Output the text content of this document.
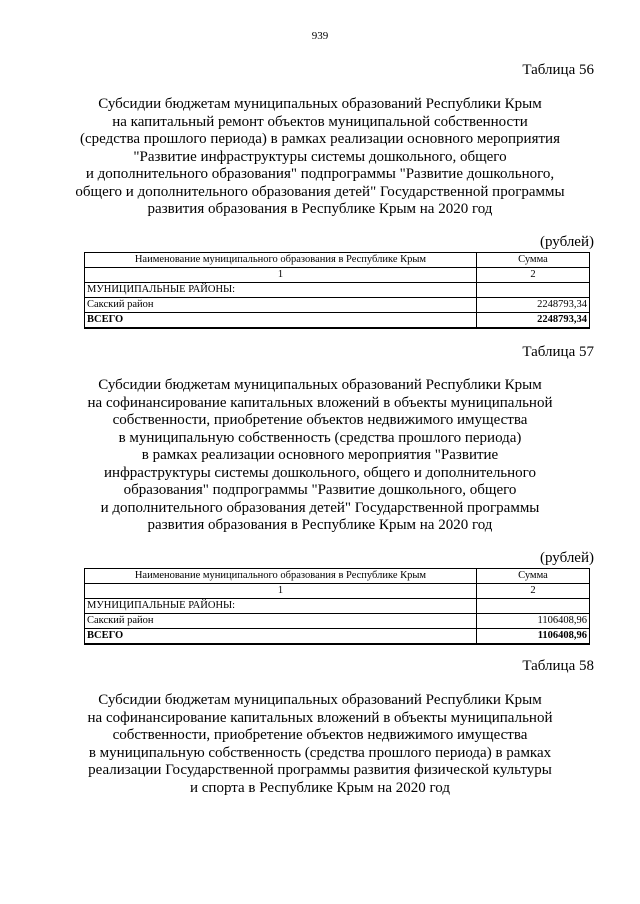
939
Таблица 56
Субсидии бюджетам муниципальных образований Республики Крым
на капитальный ремонт объектов муниципальной собственности
(средства прошлого периода) в рамках реализации основного мероприятия
"Развитие инфраструктуры системы дошкольного, общего
и дополнительного образования" подпрограммы "Развитие дошкольного,
общего и дополнительного образования детей" Государственной программы
развития образования в Республике Крым на 2020 год
(рублей)
Наименование муниципального образования в Республике Крым	Сумма
1	2
МУНИЦИПАЛЬНЫЕ РАЙОНЫ:	
Сакский район	2248793,34
ВСЕГО	2248793,34
Таблица 57
Субсидии бюджетам муниципальных образований Республики Крым
на софинансирование капитальных вложений в объекты муниципальной
собственности, приобретение объектов недвижимого имущества
в муниципальную собственность (средства прошлого периода)
в рамках реализации основного мероприятия "Развитие
инфраструктуры системы дошкольного, общего и дополнительного
образования" подпрограммы "Развитие дошкольного, общего
и дополнительного образования детей" Государственной программы
развития образования в Республике Крым на 2020 год
(рублей)
Наименование муниципального образования в Республике Крым	Сумма
1	2
МУНИЦИПАЛЬНЫЕ РАЙОНЫ:	
Сакский район	1106408,96
ВСЕГО	1106408,96
Таблица 58
Субсидии бюджетам муниципальных образований Республики Крым
на софинансирование капитальных вложений в объекты муниципальной
собственности, приобретение объектов недвижимого имущества
в муниципальную собственность (средства прошлого периода) в рамках
реализации Государственной программы развития физической культуры
и спорта в Республике Крым на 2020 год
